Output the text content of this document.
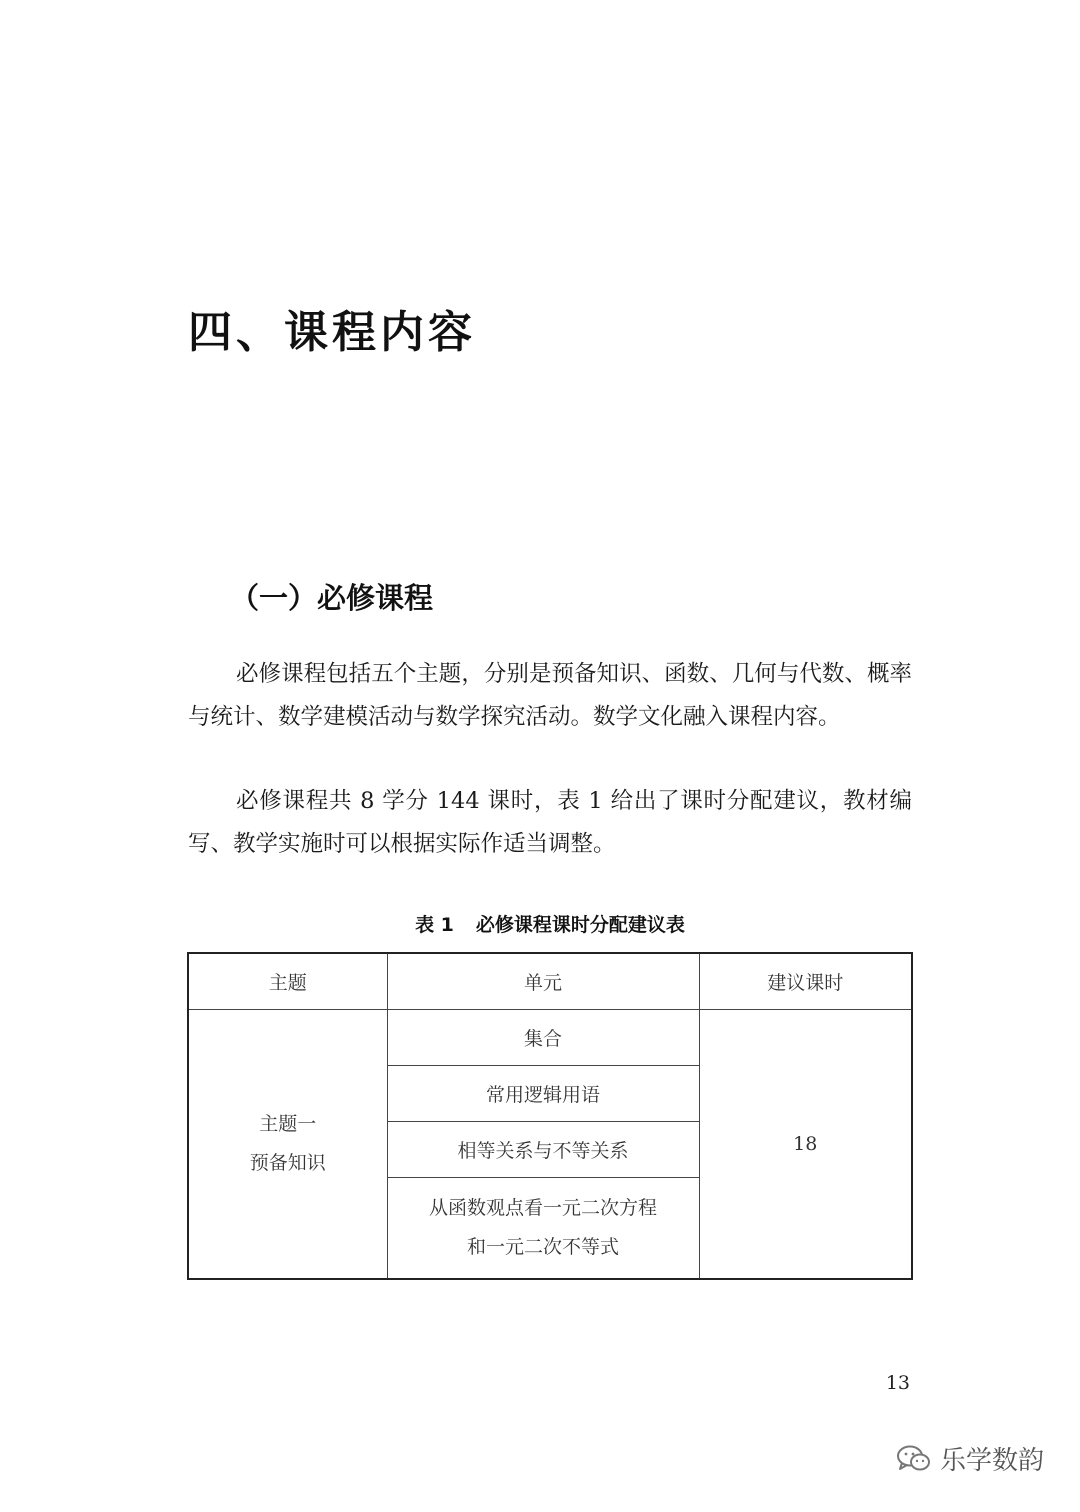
四、课程内容
（一）必修课程

必修课程包括五个主题，分别是预备知识、函数、几何与代数、概率与统计、数学建模活动与数学探究活动。数学文化融入课程内容。

必修课程共 8 学分 144 课时，表 1 给出了课时分配建议，教材编写、教学实施时可以根据实际作适当调整。

表 1 必修课程课时分配建议表
主题	单元	建议课时

主题一
预备知识	集合	18
	常用逻辑用语	
	相等关系与不等关系	

	从函数观点看一元二次方程
和一元二次不等式	
13
乐学数韵
